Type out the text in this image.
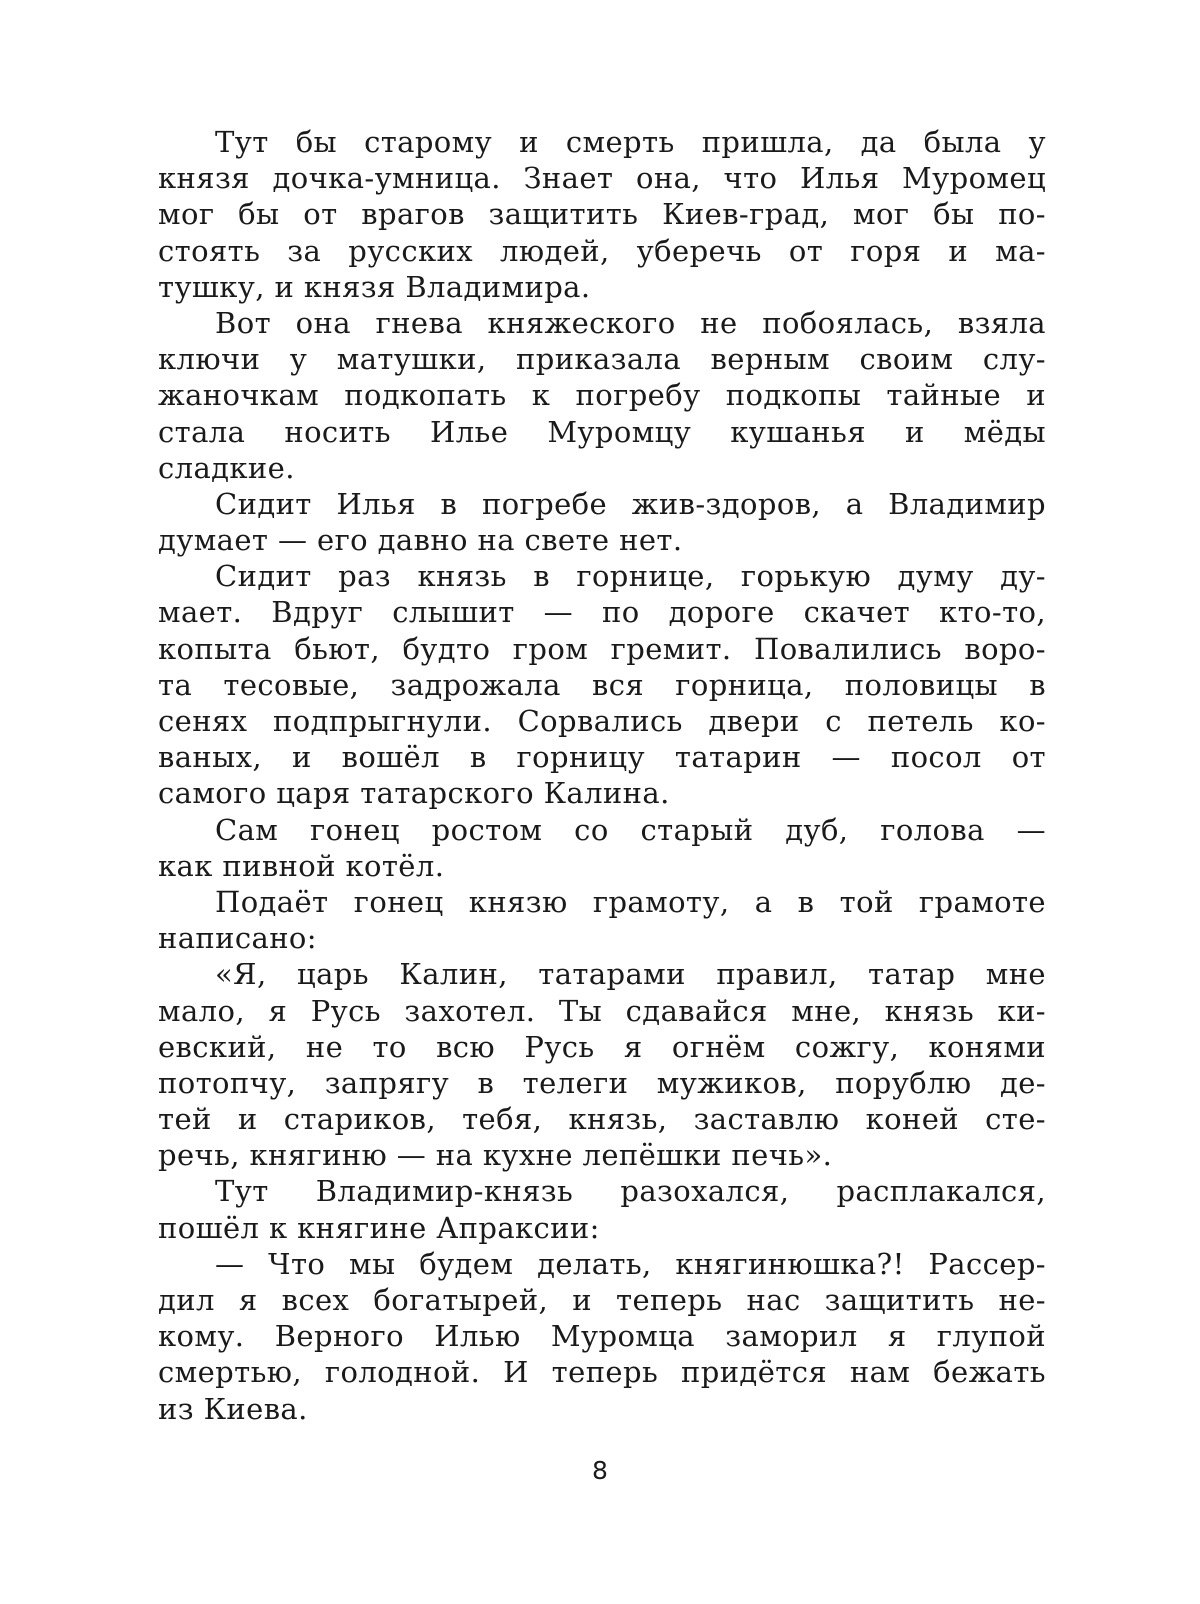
Тут бы старому и смерть пришла, да была у
князя дочка-умница. Знает она, что Илья Муромец
мог бы от врагов защитить Киев-град, мог бы по-
стоять за русских людей, уберечь от горя и ма-
тушку, и князя Владимира.
Вот она гнева княжеского не побоялась, взяла
ключи у матушки, приказала верным своим слу-
жаночкам подкопать к погребу подкопы тайные и
стала носить Илье Муромцу кушанья и мёды
сладкие.
Сидит Илья в погребе жив-здоров, а Владимир
думает — его давно на свете нет.
Сидит раз князь в горнице, горькую думу ду-
мает. Вдруг слышит — по дороге скачет кто-то,
копыта бьют, будто гром гремит. Повалились воро-
та тесовые, задрожала вся горница, половицы в
сенях подпрыгнули. Сорвались двери с петель ко-
ваных, и вошёл в горницу татарин — посол от
самого царя татарского Калина.
Сам гонец ростом со старый дуб, голова —
как пивной котёл.
Подаёт гонец князю грамоту, а в той грамоте
написано:
«Я, царь Калин, татарами правил, татар мне
мало, я Русь захотел. Ты сдавайся мне, князь ки-
евский, не то всю Русь я огнём сожгу, конями
потопчу, запрягу в телеги мужиков, порублю де-
тей и стариков, тебя, князь, заставлю коней сте-
речь, княгиню — на кухне лепёшки печь».
Тут Владимир-князь разохался, расплакался,
пошёл к княгине Апраксии:
— Что мы будем делать, княгинюшка?! Рассер-
дил я всех богатырей, и теперь нас защитить не-
кому. Верного Илью Муромца заморил я глупой
смертью, голодной. И теперь придётся нам бежать
из Киева.
8
